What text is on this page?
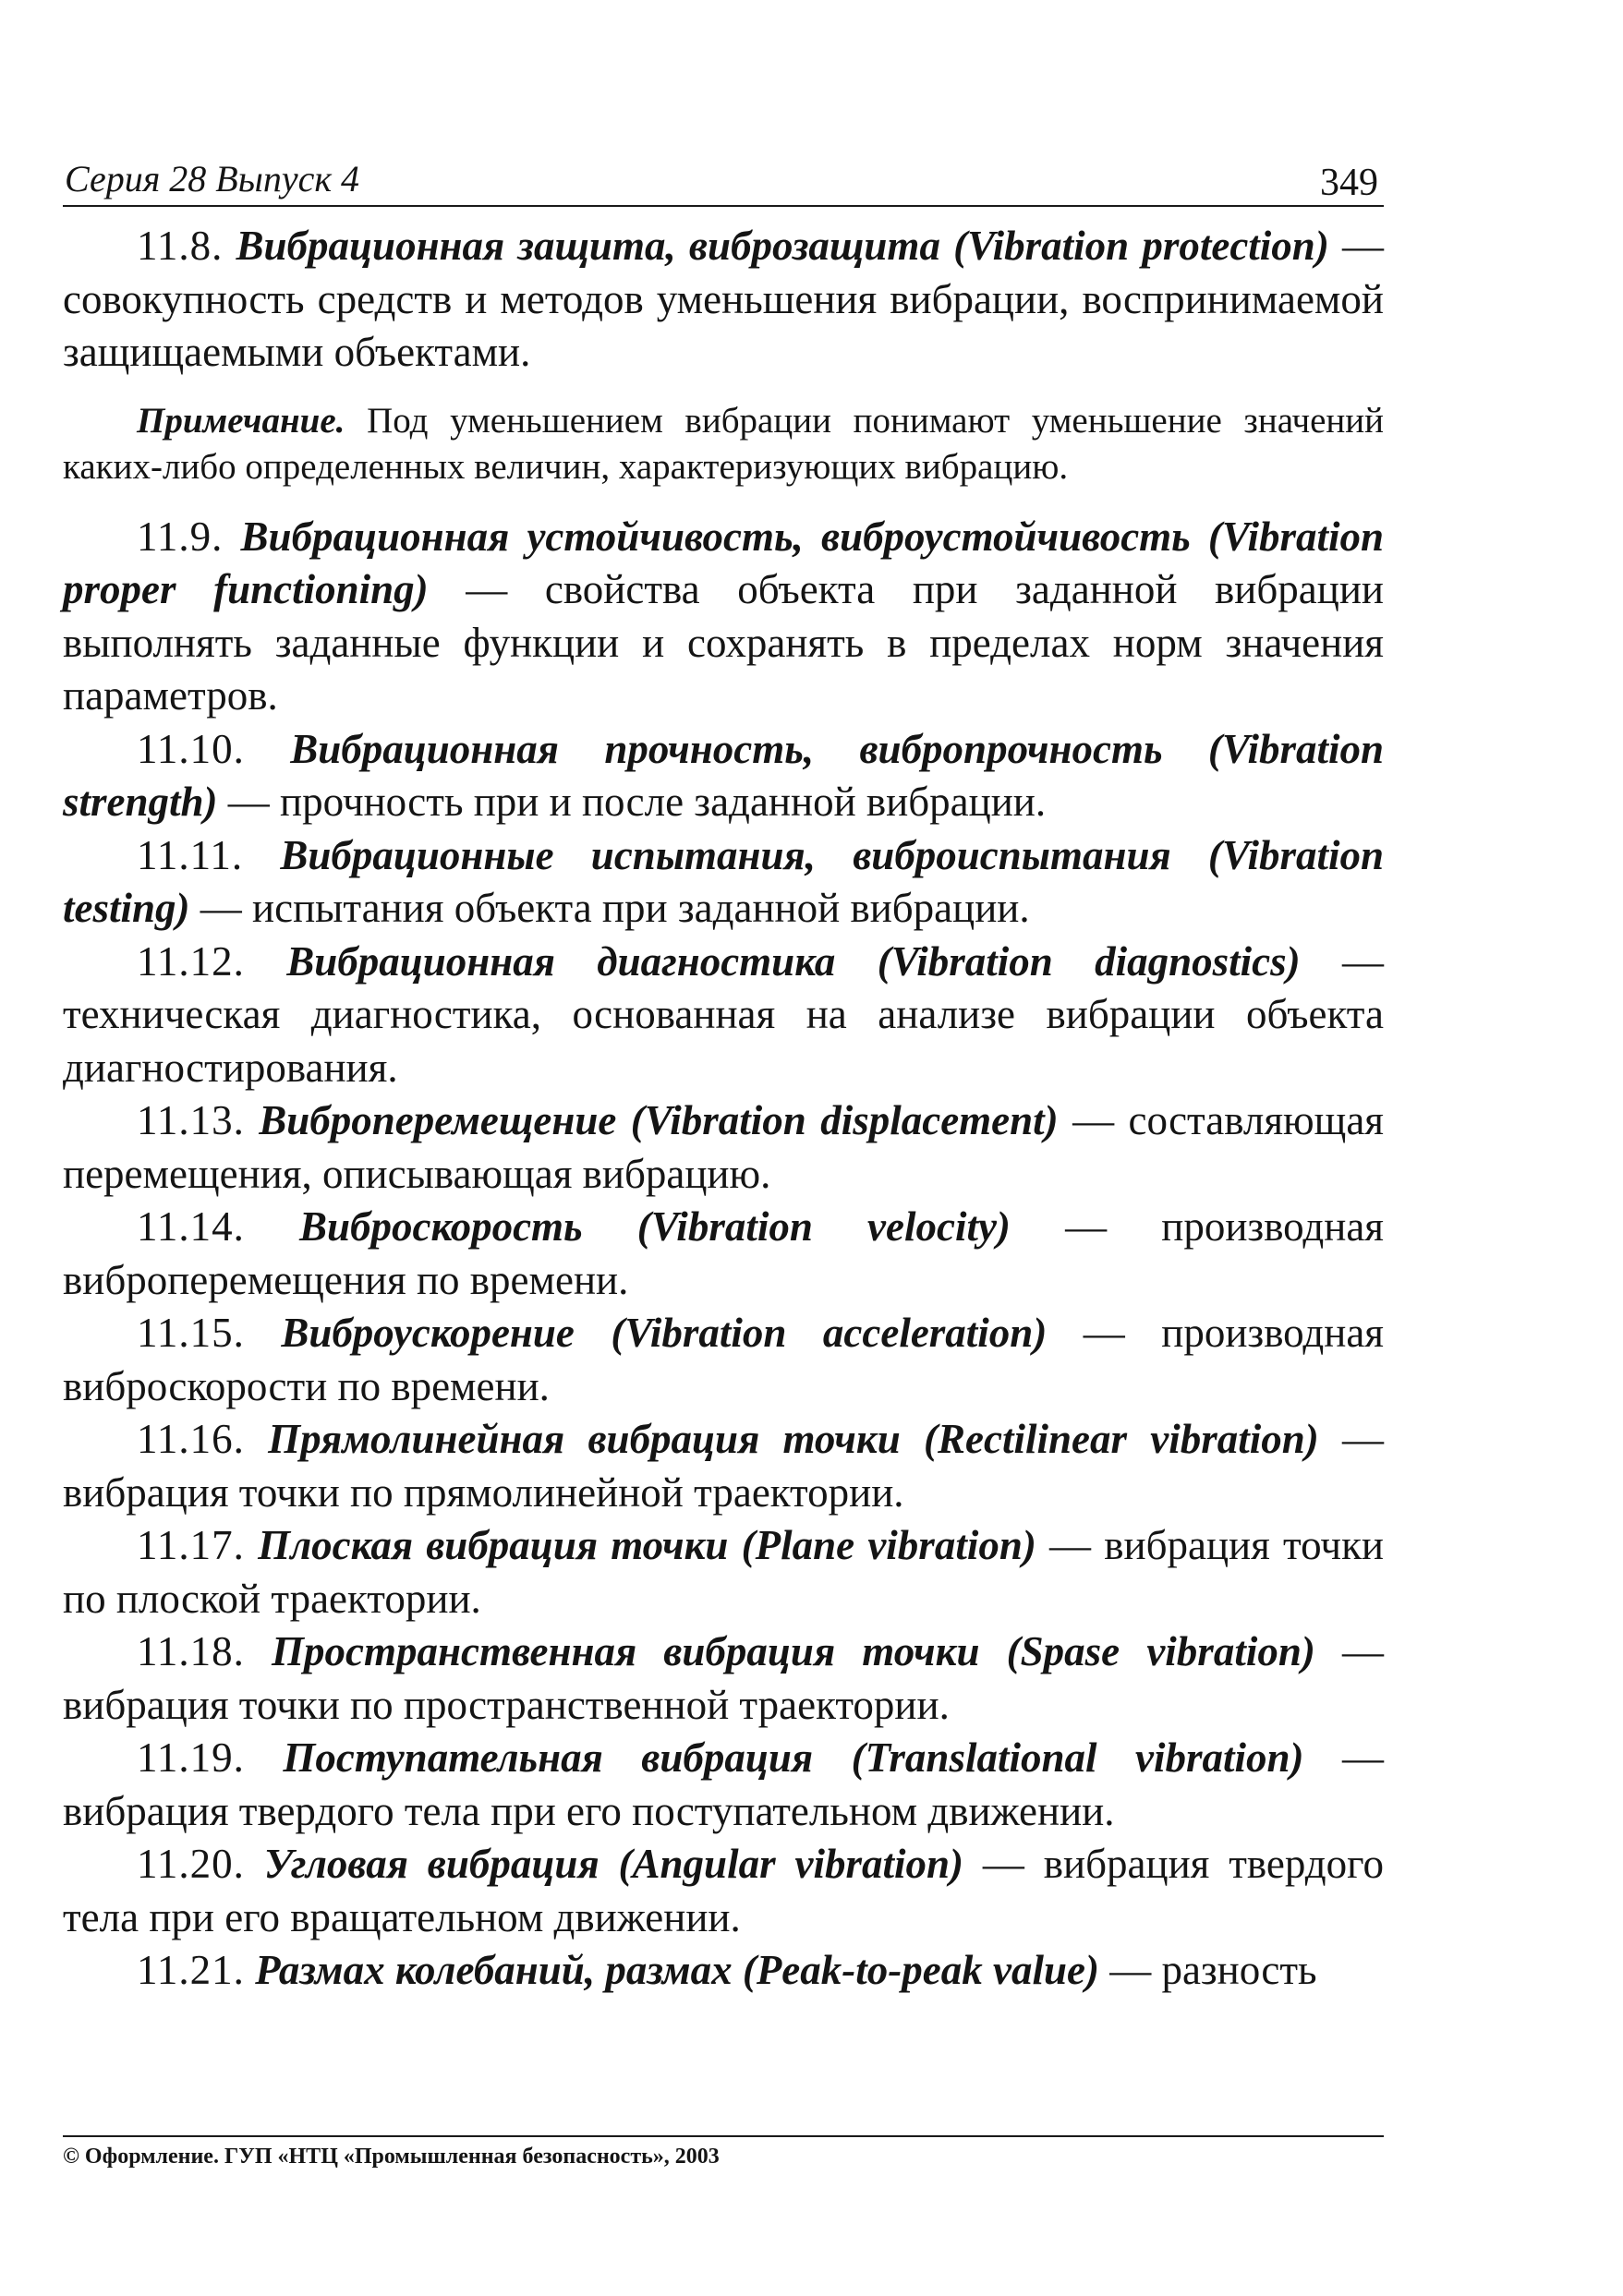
Серия 28 Выпуск 4	349

11.8. Вибрационная защита, виброзащита (Vibration protection) — совокупность средств и методов уменьшения вибрации, воспринимаемой защищаемыми объектами.

Примечание. Под уменьшением вибрации понимают уменьшение значений каких-либо определенных величин, характеризующих вибрацию.

11.9. Вибрационная устойчивость, виброустойчивость (Vibration proper functioning) — свойства объекта при заданной вибрации выполнять заданные функции и сохранять в пределах норм значения параметров.

11.10. Вибрационная прочность, вибропрочность (Vibration strength) — прочность при и после заданной вибрации.

11.11. Вибрационные испытания, виброиспытания (Vibration testing) — испытания объекта при заданной вибрации.

11.12. Вибрационная диагностика (Vibration diagnostics) — техническая диагностика, основанная на анализе вибрации объекта диагностирования.

11.13. Виброперемещение (Vibration displacement) — составляющая перемещения, описывающая вибрацию.

11.14. Виброскорость (Vibration velocity) — производная виброперемещения по времени.

11.15. Виброускорение (Vibration acceleration) — производная виброскорости по времени.

11.16. Прямолинейная вибрация точки (Rectilinear vibration) — вибрация точки по прямолинейной траектории.

11.17. Плоская вибрация точки (Plane vibration) — вибрация точки по плоской траектории.

11.18. Пространственная вибрация точки (Spase vibration) — вибрация точки по пространственной траектории.

11.19. Поступательная вибрация (Translational vibration) — вибрация твердого тела при его поступательном движении.

11.20. Угловая вибрация (Angular vibration) — вибрация твердого тела при его вращательном движении.

11.21. Размах колебаний, размах (Peak-to-peak value) — разность

© Оформление. ГУП «НТЦ «Промышленная безопасность», 2003
